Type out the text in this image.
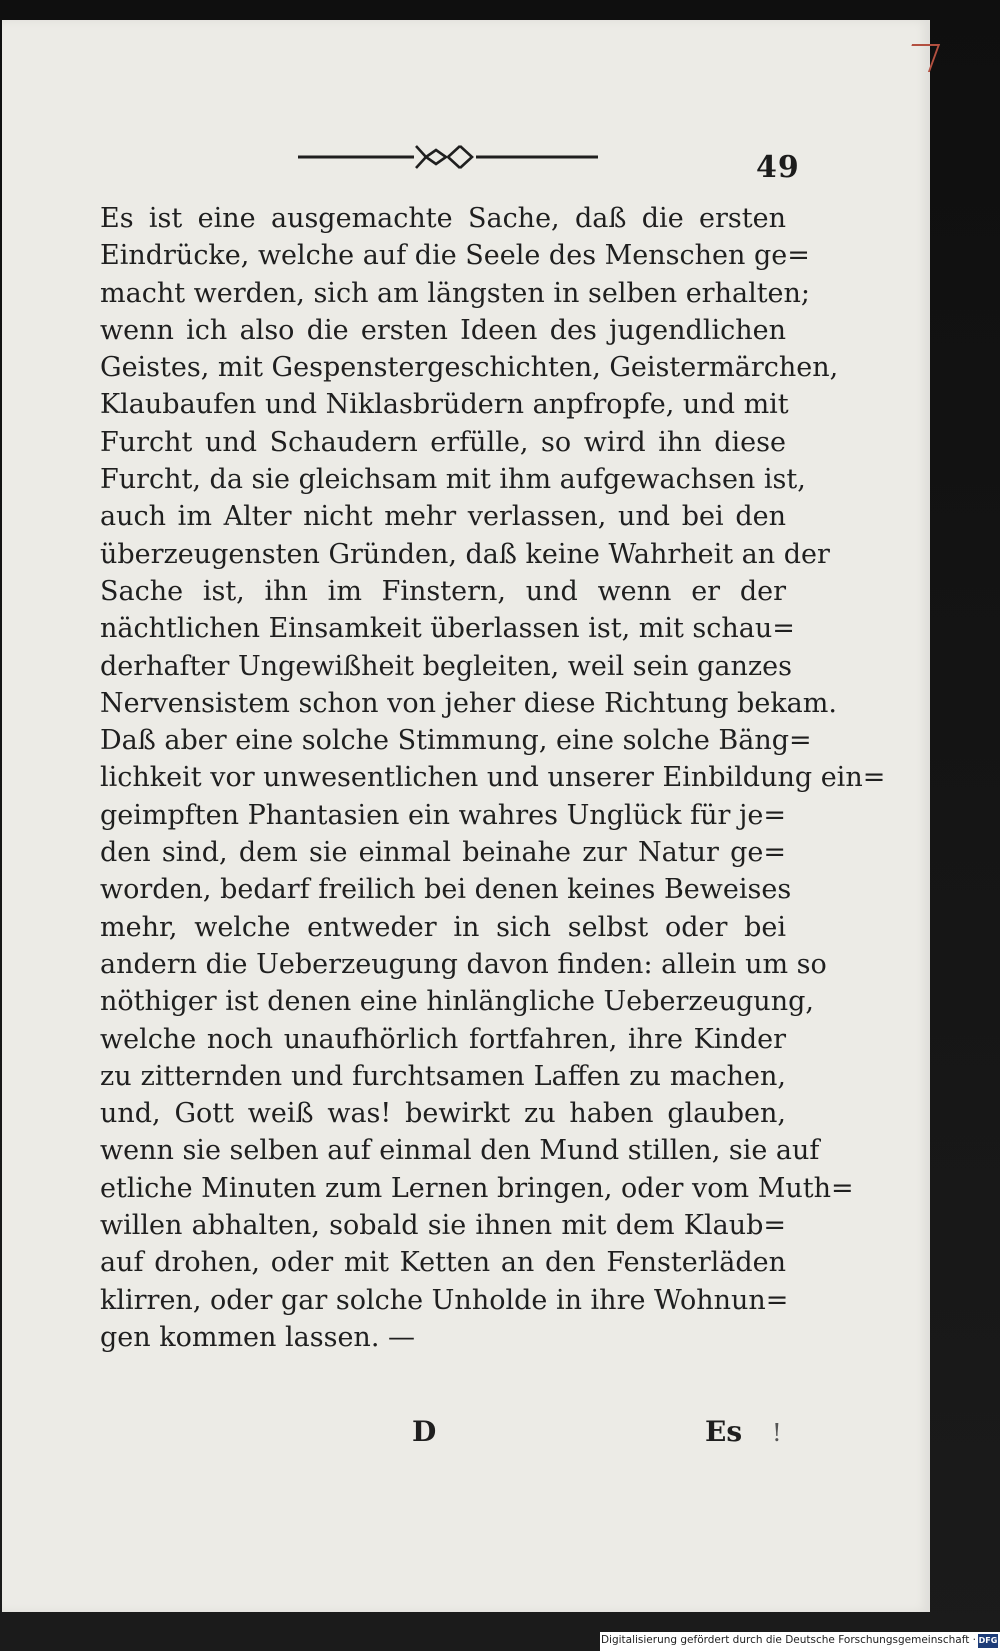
49
Es ist eine ausgemachte Sache, daß die ersten
Eindrücke, welche auf die Seele des Menschen ge=
macht werden, sich am längsten in selben erhalten;
wenn ich also die ersten Ideen des jugendlichen
Geistes, mit Gespenstergeschichten, Geistermärchen,
Klaubaufen und Niklasbrüdern anpfropfe, und mit
Furcht und Schaudern erfülle, so wird ihn diese
Furcht, da sie gleichsam mit ihm aufgewachsen ist,
auch im Alter nicht mehr verlassen, und bei den
überzeugensten Gründen, daß keine Wahrheit an der
Sache ist, ihn im Finstern, und wenn er der
nächtlichen Einsamkeit überlassen ist, mit schau=
derhafter Ungewißheit begleiten, weil sein ganzes
Nervensistem schon von jeher diese Richtung bekam.
Daß aber eine solche Stimmung, eine solche Bäng=
lichkeit vor unwesentlichen und unserer Einbildung ein=
geimpften Phantasien ein wahres Unglück für je=
den sind, dem sie einmal beinahe zur Natur ge=
worden, bedarf freilich bei denen keines Beweises
mehr, welche entweder in sich selbst oder bei
andern die Ueberzeugung davon finden: allein um so
nöthiger ist denen eine hinlängliche Ueberzeugung,
welche noch unaufhörlich fortfahren, ihre Kinder
zu zitternden und furchtsamen Laffen zu machen,
und, Gott weiß was! bewirkt zu haben glauben,
wenn sie selben auf einmal den Mund stillen, sie auf
etliche Minuten zum Lernen bringen, oder vom Muth=
willen abhalten, sobald sie ihnen mit dem Klaub=
auf drohen, oder mit Ketten an den Fensterläden
klirren, oder gar solche Unholde in ihre Wohnun=
gen kommen lassen. —
D	Es !
Digitalisierung gefördert durch die Deutsche Forschungsgemeinschaft · DFG
